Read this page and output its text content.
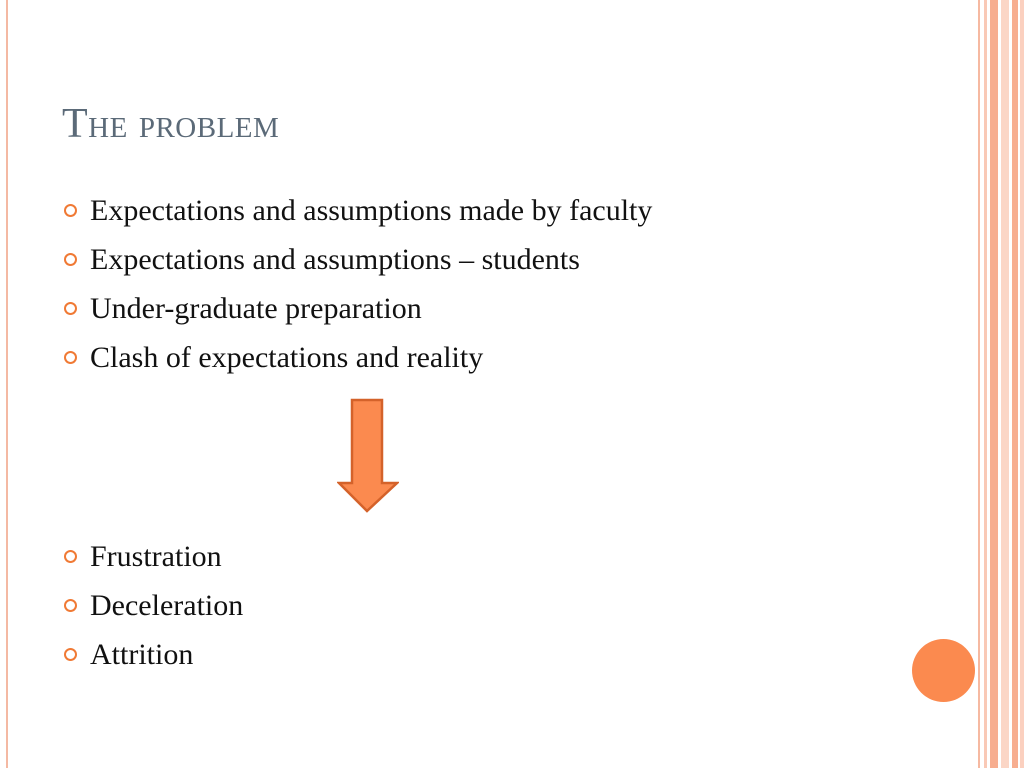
The problem
Expectations and assumptions made by faculty
Expectations and assumptions – students
Under-graduate preparation
Clash of expectations and reality
Frustration
Deceleration
Attrition
